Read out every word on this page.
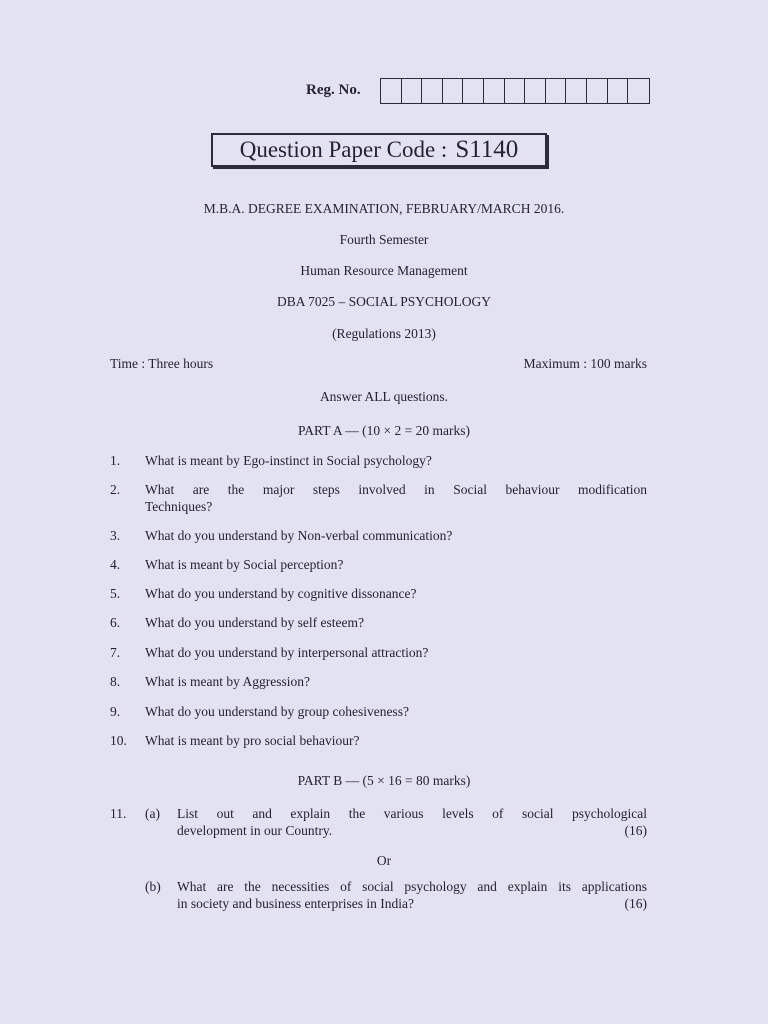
Reg. No.
Question Paper Code : S1140
M.B.A. DEGREE EXAMINATION, FEBRUARY/MARCH 2016.
Fourth Semester
Human Resource Management
DBA 7025 – SOCIAL PSYCHOLOGY
(Regulations 2013)
Time : Three hours	Maximum : 100 marks
Answer ALL questions.
PART A — (10 × 2 = 20 marks)
1. What is meant by Ego-instinct in Social psychology?
2. What are the major steps involved in Social behaviour modification
Techniques?
3. What do you understand by Non-verbal communication?
4. What is meant by Social perception?
5. What do you understand by cognitive dissonance?
6. What do you understand by self esteem?
7. What do you understand by interpersonal attraction?
8. What is meant by Aggression?
9. What do you understand by group cohesiveness?
10. What is meant by pro social behaviour?
PART B — (5 × 16 = 80 marks)
11. (a) List out and explain the various levels of social psychological
development in our Country.	(16)
Or
(b) What are the necessities of social psychology and explain its applications
in society and business enterprises in India?	(16)
